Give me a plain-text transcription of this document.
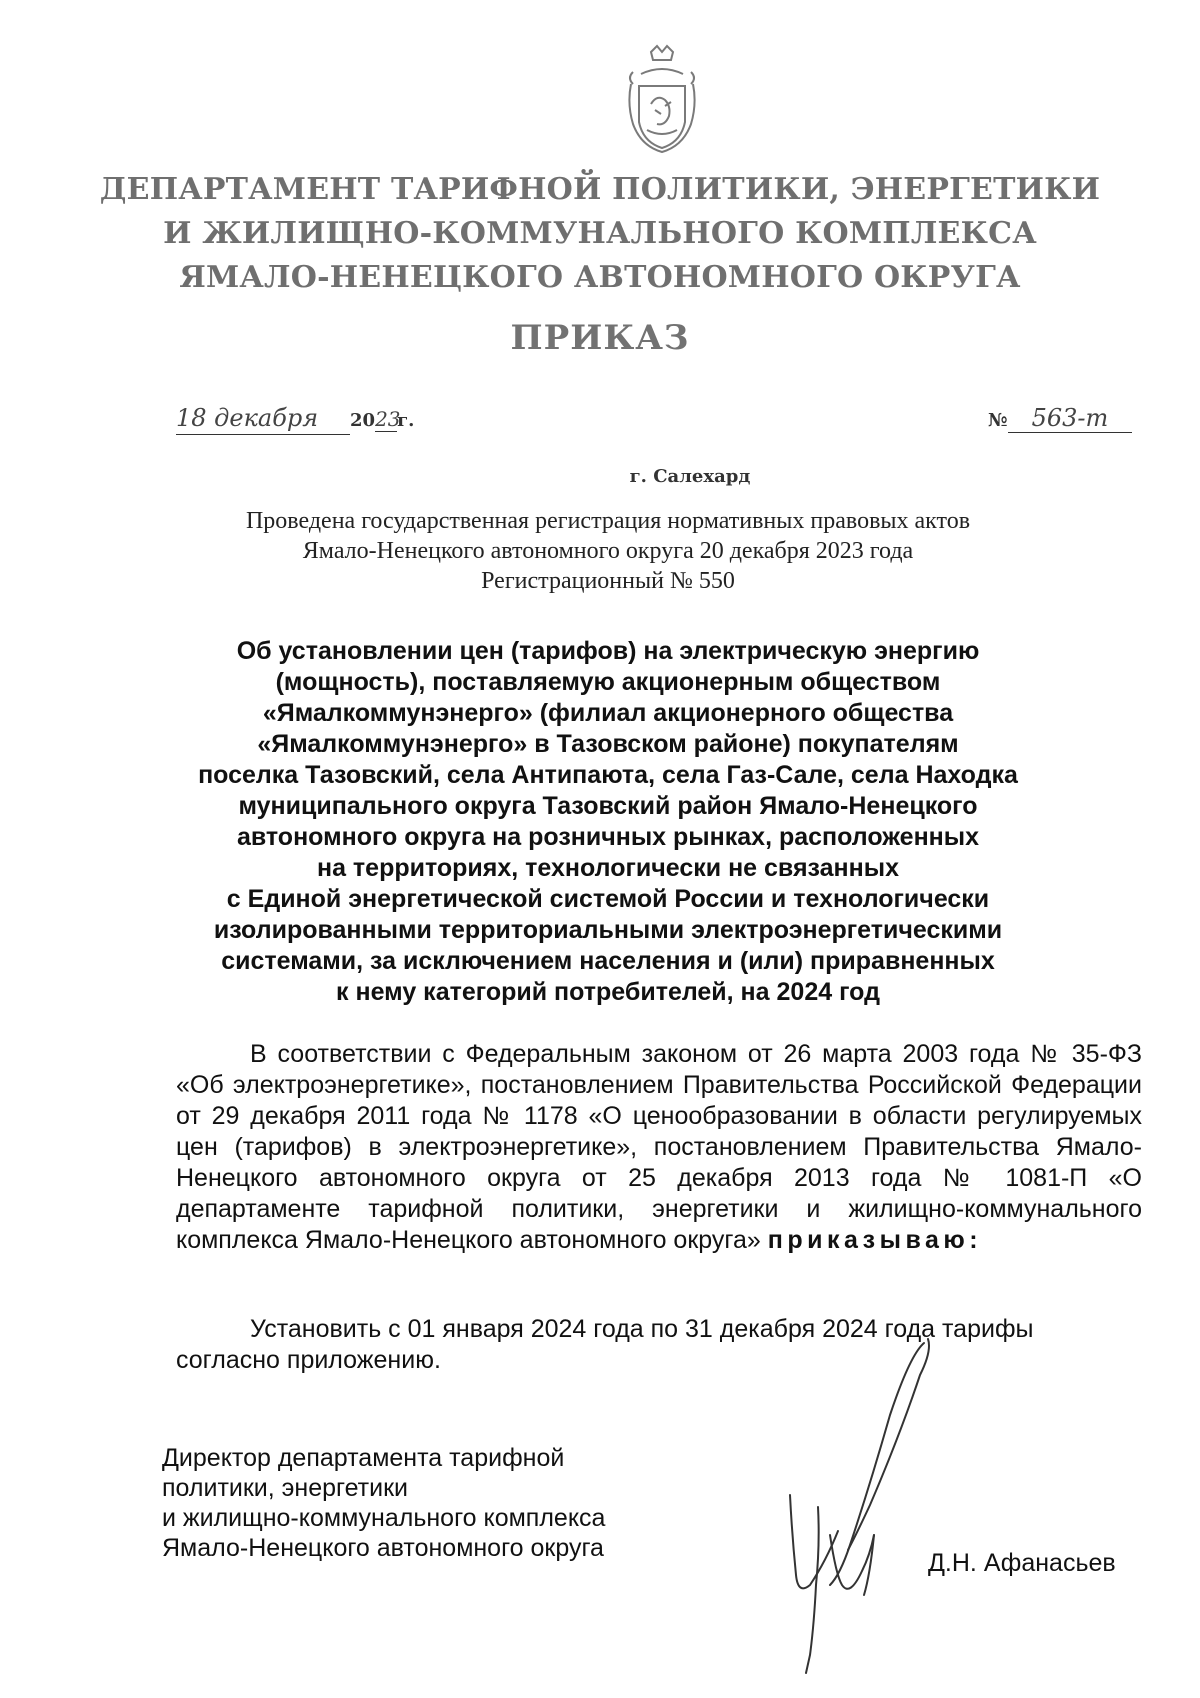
ДЕПАРТАМЕНТ ТАРИФНОЙ ПОЛИТИКИ, ЭНЕРГЕТИКИ
И ЖИЛИЩНО-КОММУНАЛЬНОГО КОМПЛЕКСА
ЯМАЛО-НЕНЕЦКОГО АВТОНОМНОГО ОКРУГА
ПРИКАЗ
18 декабря 2023г.	№ 563-т
г. Салехард
Проведена государственная регистрация нормативных правовых актов
Ямало-Ненецкого автономного округа 20 декабря 2023 года
Регистрационный № 550
Об установлении цен (тарифов) на электрическую энергию
(мощность), поставляемую акционерным обществом
«Ямалкоммунэнерго» (филиал акционерного общества
«Ямалкоммунэнерго» в Тазовском районе) покупателям
поселка Тазовский, села Антипаюта, села Газ-Сале, села Находка
муниципального округа Тазовский район Ямало-Ненецкого
автономного округа на розничных рынках, расположенных
на территориях, технологически не связанных
с Единой энергетической системой России и технологически
изолированными территориальными электроэнергетическими
системами, за исключением населения и (или) приравненных
к нему категорий потребителей, на 2024 год

В соответствии с Федеральным законом от 26 марта 2003 года № 35-ФЗ «Об электроэнергетике», постановлением Правительства Российской Федерации от 29 декабря 2011 года № 1178 «О ценообразовании в области регулируемых цен (тарифов) в электроэнергетике», постановлением Правительства Ямало-Ненецкого автономного округа от 25 декабря 2013 года № 1081-П «О департаменте тарифной политики, энергетики и жилищно-коммунального комплекса Ямало-Ненецкого автономного округа» приказываю:

Установить с 01 января 2024 года по 31 декабря 2024 года тарифы согласно приложению.

Директор департамента тарифной
политики, энергетики
и жилищно-коммунального комплекса
Ямало-Ненецкого автономного округа
Д.Н. Афанасьев
